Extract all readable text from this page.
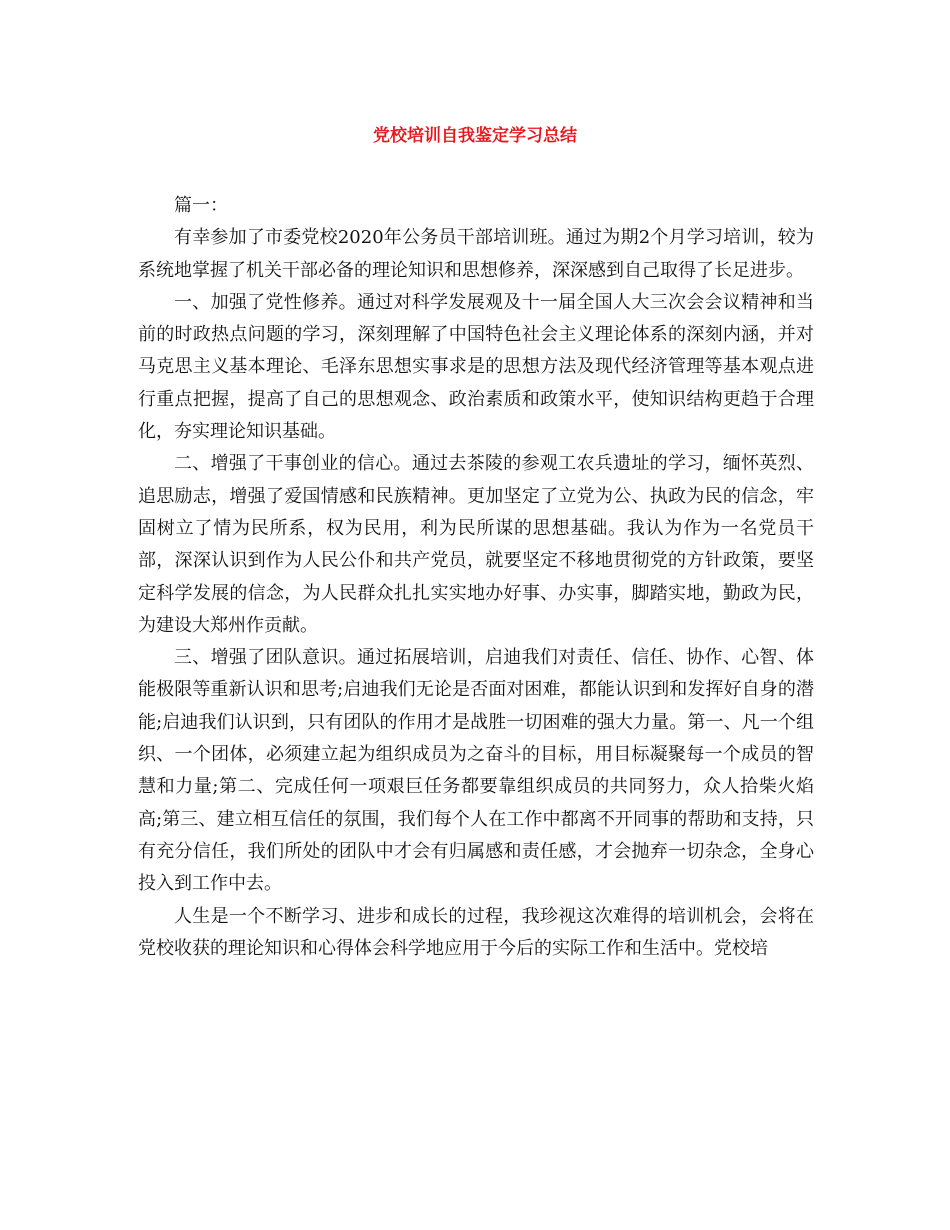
党校培训自我鉴定学习总结

篇一：

有幸参加了市委党校2020年公务员干部培训班。通过为期2个月学习培训，较为系统地掌握了机关干部必备的理论知识和思想修养，深深感到自己取得了长足进步。

一、加强了党性修养。通过对科学发展观及十一届全国人大三次会会议精神和当前的时政热点问题的学习，深刻理解了中国特色社会主义理论体系的深刻内涵，并对马克思主义基本理论、毛泽东思想实事求是的思想方法及现代经济管理等基本观点进行重点把握，提高了自己的思想观念、政治素质和政策水平，使知识结构更趋于合理化，夯实理论知识基础。

二、增强了干事创业的信心。通过去茶陵的参观工农兵遗址的学习，缅怀英烈、追思励志，增强了爱国情感和民族精神。更加坚定了立党为公、执政为民的信念，牢固树立了情为民所系，权为民用，利为民所谋的思想基础。我认为作为一名党员干部，深深认识到作为人民公仆和共产党员，就要坚定不移地贯彻党的方针政策，要坚定科学发展的信念，为人民群众扎扎实实地办好事、办实事，脚踏实地，勤政为民，为建设大郑州作贡献。

三、增强了团队意识。通过拓展培训，启迪我们对责任、信任、协作、心智、体能极限等重新认识和思考;启迪我们无论是否面对困难，都能认识到和发挥好自身的潜能;启迪我们认识到，只有团队的作用才是战胜一切困难的强大力量。第一、凡一个组织、一个团体，必须建立起为组织成员为之奋斗的目标，用目标凝聚每一个成员的智慧和力量;第二、完成任何一项艰巨任务都要靠组织成员的共同努力，众人拾柴火焰高;第三、建立相互信任的氛围，我们每个人在工作中都离不开同事的帮助和支持，只有充分信任，我们所处的团队中才会有归属感和责任感，才会抛弃一切杂念，全身心投入到工作中去。

人生是一个不断学习、进步和成长的过程，我珍视这次难得的培训机会，会将在党校收获的理论知识和心得体会科学地应用于今后的实际工作和生活中。党校培
